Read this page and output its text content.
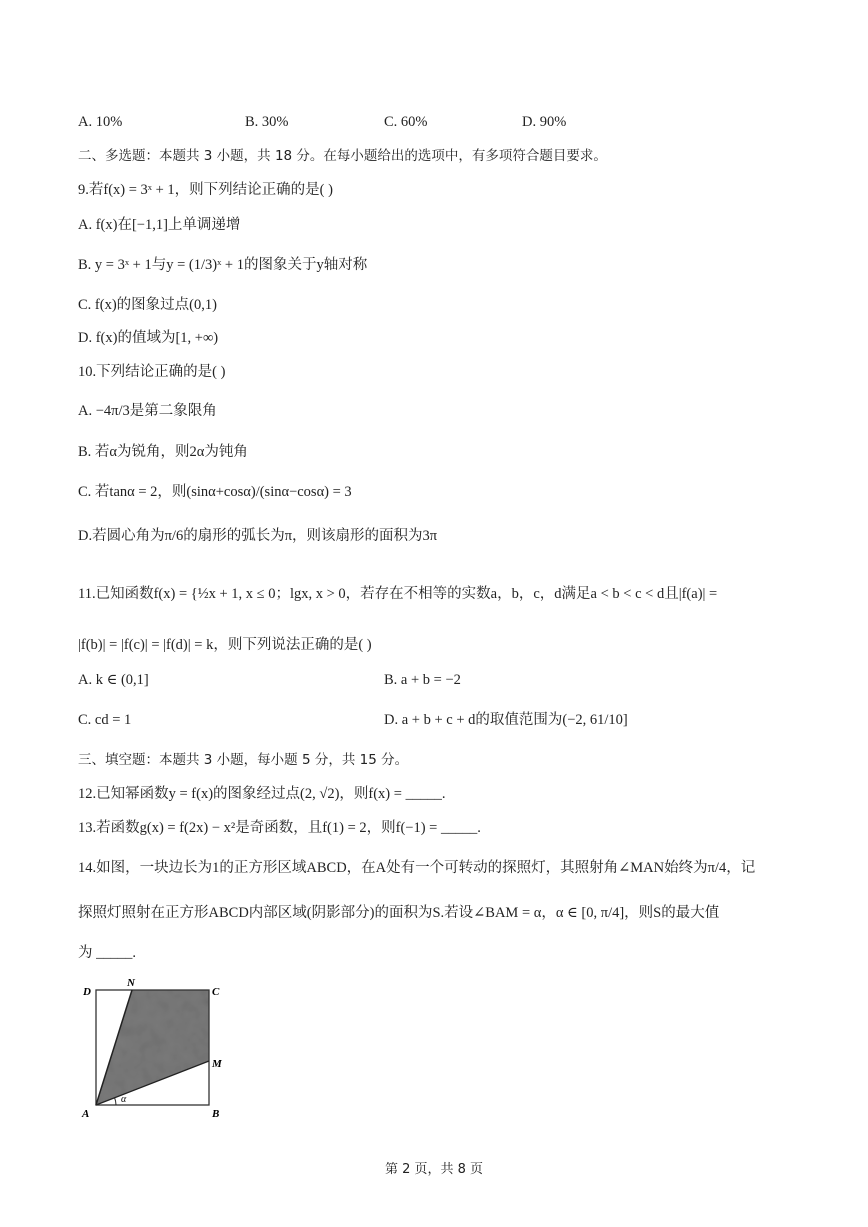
A. 10%	B. 30%	C. 60%	D. 90%
二、多选题：本题共 3 小题，共 18 分。在每小题给出的选项中，有多项符合题目要求。
9.若f(x) = 3ˣ + 1，则下列结论正确的是( )
A. f(x)在[−1,1]上单调递增
B. y = 3ˣ + 1与y = (1/3)ˣ + 1的图象关于y轴对称
C. f(x)的图象过点(0,1)
D. f(x)的值域为[1, +∞)
10.下列结论正确的是( )
A. −4π/3是第二象限角
B. 若α为锐角，则2α为钝角
C. 若tanα = 2，则(sinα+cosα)/(sinα−cosα) = 3
D.若圆心角为π/6的扇形的弧长为π，则该扇形的面积为3π
11.已知函数f(x) = {½x + 1, x ≤ 0；lgx, x > 0，若存在不相等的实数a，b，c，d满足a < b < c < d且|f(a)| =
|f(b)| = |f(c)| = |f(d)| = k，则下列说法正确的是( )
A. k ∈ (0,1]	B. a + b = −2
C. cd = 1	D. a + b + c + d的取值范围为(−2, 61/10]
三、填空题：本题共 3 小题，每小题 5 分，共 15 分。
12.已知幂函数y = f(x)的图象经过点(2, √2)，则f(x) = _____.
13.若函数g(x) = f(2x) − x²是奇函数，且f(1) = 2，则f(−1) = _____.
14.如图，一块边长为1的正方形区域ABCD，在A处有一个可转动的探照灯，其照射角∠MAN始终为π/4，记
探照灯照射在正方形ABCD内部区域(阴影部分)的面积为S.若设∠BAM = α，α ∈ [0, π/4]，则S的最大值
为 _____.
D
N
C
M
A	B
α
第 2 页，共 8 页
